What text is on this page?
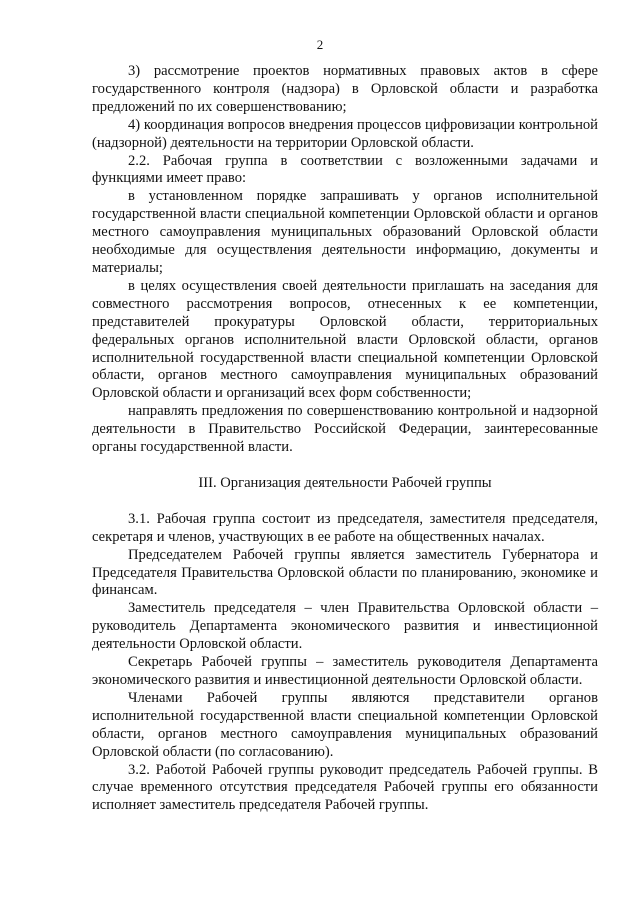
2

3) рассмотрение проектов нормативных правовых актов в сфере государственного контроля (надзора) в Орловской области и разработка предложений по их совершенствованию;

4) координация вопросов внедрения процессов цифровизации контрольной (надзорной) деятельности на территории Орловской области.

2.2. Рабочая группа в соответствии с возложенными задачами и функциями имеет право:

в установленном порядке запрашивать у органов исполнительной государственной власти специальной компетенции Орловской области и органов местного самоуправления муниципальных образований Орловской области необходимые для осуществления деятельности информацию, документы и материалы;

в целях осуществления своей деятельности приглашать на заседания для совместного рассмотрения вопросов, отнесенных к ее компетенции, представителей прокуратуры Орловской области, территориальных федеральных органов исполнительной власти Орловской области, органов исполнительной государственной власти специальной компетенции Орловской области, органов местного самоуправления муниципальных образований Орловской области и организаций всех форм собственности;

направлять предложения по совершенствованию контрольной и надзорной деятельности в Правительство Российской Федерации, заинтересованные органы государственной власти.

III. Организация деятельности Рабочей группы

3.1. Рабочая группа состоит из председателя, заместителя председателя, секретаря и членов, участвующих в ее работе на общественных началах.

Председателем Рабочей группы является заместитель Губернатора и Председателя Правительства Орловской области по планированию, экономике и финансам.

Заместитель председателя – член Правительства Орловской области – руководитель Департамента экономического развития и инвестиционной деятельности Орловской области.

Секретарь Рабочей группы – заместитель руководителя Департамента экономического развития и инвестиционной деятельности Орловской области.

Членами Рабочей группы являются представители органов исполнительной государственной власти специальной компетенции Орловской области, органов местного самоуправления муниципальных образований Орловской области (по согласованию).

3.2. Работой Рабочей группы руководит председатель Рабочей группы. В случае временного отсутствия председателя Рабочей группы его обязанности исполняет заместитель председателя Рабочей группы.
